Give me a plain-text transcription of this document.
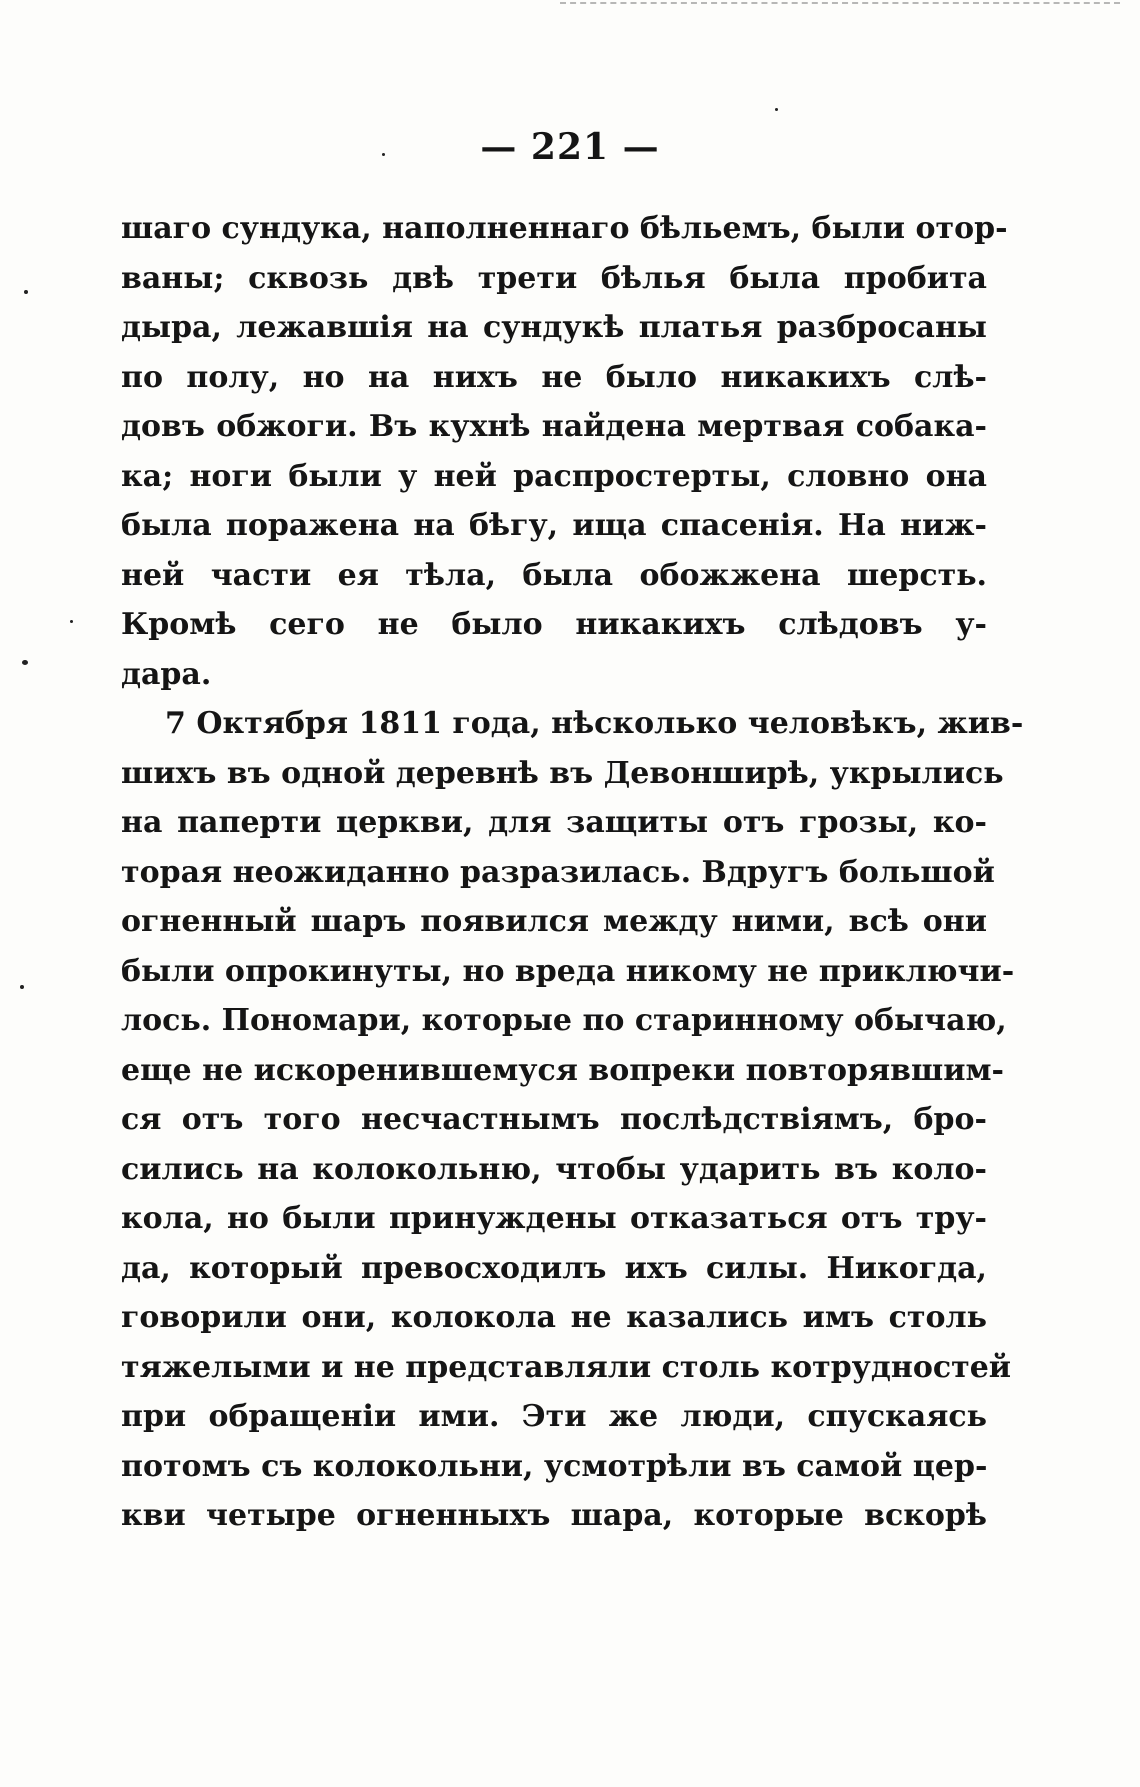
— 221 —
шаго сундука, наполненнаго бѣльемъ, были отор-
ваны; сквозь двѣ трети бѣлья была пробита
дыра, лежавшія на сундукѣ платья разбросаны
по полу, но на нихъ не было никакихъ слѣ-
довъ обжоги. Въ кухнѣ найдена мертвая собака-
ка; ноги были у ней распростерты, словно она
была поражена на бѣгу, ища спасенія. На ниж-
ней части ея тѣла, была обожжена шерсть.
Кромѣ сего не было никакихъ слѣдовъ у-
дара.
7 Октября 1811 года, нѣсколько человѣкъ, жив-
шихъ въ одной деревнѣ въ Девонширѣ, укрылись
на паперти церкви, для защиты отъ грозы, ко-
торая неожиданно разразилась. Вдругъ большой
огненный шаръ появился между ними, всѣ они
были опрокинуты, но вреда никому не приключи-
лось. Пономари, которые по старинному обычаю,
еще не искоренившемуся вопреки повторявшим-
ся отъ того несчастнымъ послѣдствіямъ, бро-
сились на колокольню, чтобы ударить въ коло-
кола, но были принуждены отказаться отъ тру-
да, который превосходилъ ихъ силы. Никогда,
говорили они, колокола не казались имъ столь
тяжелыми и не представляли столь котрудностей
при обращеніи ими. Эти же люди, спускаясь
потомъ съ колокольни, усмотрѣли въ самой цер-
кви четыре огненныхъ шара, которые вскорѣ
